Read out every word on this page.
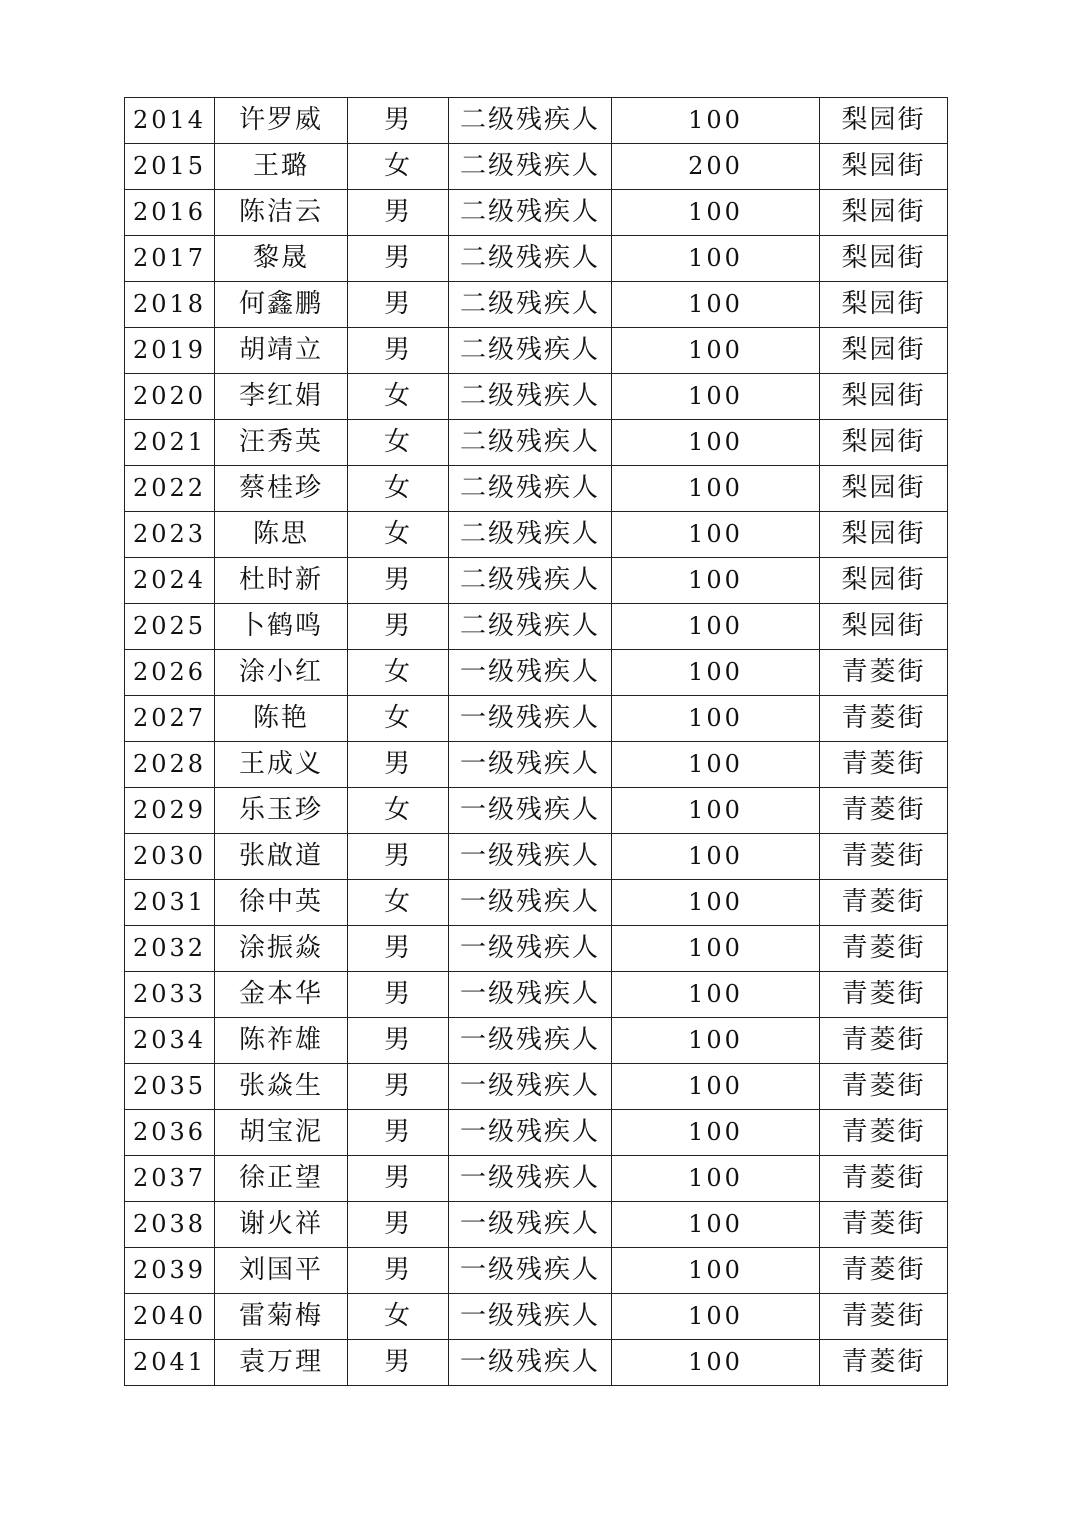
2014	许罗威	男	二级残疾人	100	梨园街
2015	王璐	女	二级残疾人	200	梨园街
2016	陈洁云	男	二级残疾人	100	梨园街
2017	黎晟	男	二级残疾人	100	梨园街
2018	何鑫鹏	男	二级残疾人	100	梨园街
2019	胡靖立	男	二级残疾人	100	梨园街
2020	李红娟	女	二级残疾人	100	梨园街
2021	汪秀英	女	二级残疾人	100	梨园街
2022	蔡桂珍	女	二级残疾人	100	梨园街
2023	陈思	女	二级残疾人	100	梨园街
2024	杜时新	男	二级残疾人	100	梨园街
2025	卜鹤鸣	男	二级残疾人	100	梨园街
2026	涂小红	女	一级残疾人	100	青菱街
2027	陈艳	女	一级残疾人	100	青菱街
2028	王成义	男	一级残疾人	100	青菱街
2029	乐玉珍	女	一级残疾人	100	青菱街
2030	张啟道	男	一级残疾人	100	青菱街
2031	徐中英	女	一级残疾人	100	青菱街
2032	涂振焱	男	一级残疾人	100	青菱街
2033	金本华	男	一级残疾人	100	青菱街
2034	陈祚雄	男	一级残疾人	100	青菱街
2035	张焱生	男	一级残疾人	100	青菱街
2036	胡宝泥	男	一级残疾人	100	青菱街
2037	徐正望	男	一级残疾人	100	青菱街
2038	谢火祥	男	一级残疾人	100	青菱街
2039	刘国平	男	一级残疾人	100	青菱街
2040	雷菊梅	女	一级残疾人	100	青菱街
2041	袁万理	男	一级残疾人	100	青菱街
